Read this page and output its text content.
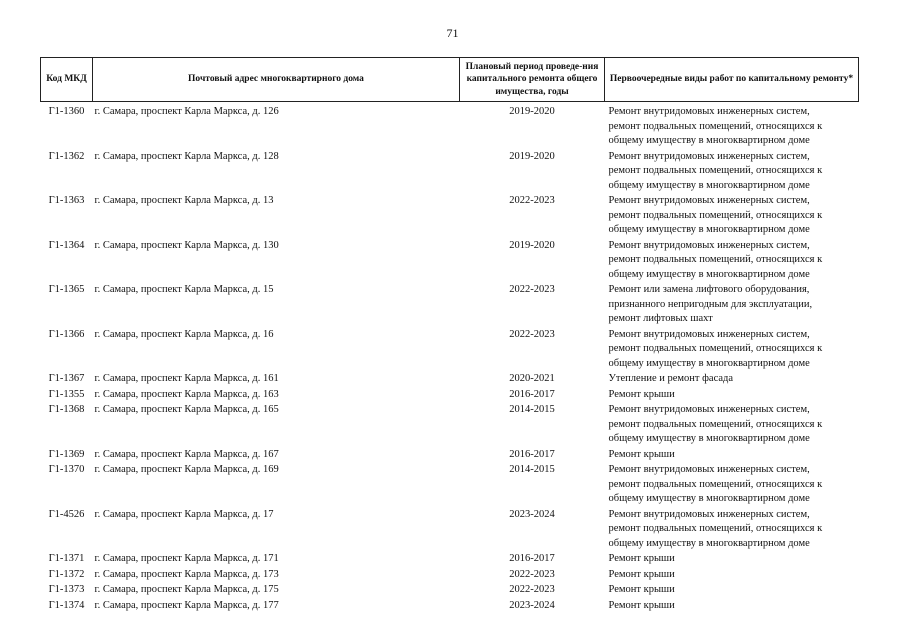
71
Код МКД	Почтовый адрес многоквартирного дома	Плановый период проведе-ния капитального ремонта общего имущества, годы	Первоочередные виды работ по капитальному ремонту*
Г1-1360	г. Самара, проспект Карла Маркса, д. 126	2019-2020	Ремонт внутридомовых инженерных систем,
ремонт подвальных помещений, относящихся к
общему имуществу в многоквартирном доме

Г1-1362	г. Самара, проспект Карла Маркса, д. 128	2019-2020	Ремонт внутридомовых инженерных систем,
ремонт подвальных помещений, относящихся к
общему имуществу в многоквартирном доме

Г1-1363	г. Самара, проспект Карла Маркса, д. 13	2022-2023	Ремонт внутридомовых инженерных систем,
ремонт подвальных помещений, относящихся к
общему имуществу в многоквартирном доме

Г1-1364	г. Самара, проспект Карла Маркса, д. 130	2019-2020	Ремонт внутридомовых инженерных систем,
ремонт подвальных помещений, относящихся к
общему имуществу в многоквартирном доме

Г1-1365	г. Самара, проспект Карла Маркса, д. 15	2022-2023	Ремонт или замена лифтового оборудования,
признанного непригодным для эксплуатации,
ремонт лифтовых шахт

Г1-1366	г. Самара, проспект Карла Маркса, д. 16	2022-2023	Ремонт внутридомовых инженерных систем,
ремонт подвальных помещений, относящихся к
общему имуществу в многоквартирном доме

Г1-1367	г. Самара, проспект Карла Маркса, д. 161	2020-2021	Утепление и ремонт фасада

Г1-1355	г. Самара, проспект Карла Маркса, д. 163	2016-2017	Ремонт крыши

Г1-1368	г. Самара, проспект Карла Маркса, д. 165	2014-2015	Ремонт внутридомовых инженерных систем,
ремонт подвальных помещений, относящихся к
общему имуществу в многоквартирном доме

Г1-1369	г. Самара, проспект Карла Маркса, д. 167	2016-2017	Ремонт крыши

Г1-1370	г. Самара, проспект Карла Маркса, д. 169	2014-2015	Ремонт внутридомовых инженерных систем,
ремонт подвальных помещений, относящихся к
общему имуществу в многоквартирном доме

Г1-4526	г. Самара, проспект Карла Маркса, д. 17	2023-2024	Ремонт внутридомовых инженерных систем,
ремонт подвальных помещений, относящихся к
общему имуществу в многоквартирном доме

Г1-1371	г. Самара, проспект Карла Маркса, д. 171	2016-2017	Ремонт крыши

Г1-1372	г. Самара, проспект Карла Маркса, д. 173	2022-2023	Ремонт крыши

Г1-1373	г. Самара, проспект Карла Маркса, д. 175	2022-2023	Ремонт крыши

Г1-1374	г. Самара, проспект Карла Маркса, д. 177	2023-2024	Ремонт крыши
